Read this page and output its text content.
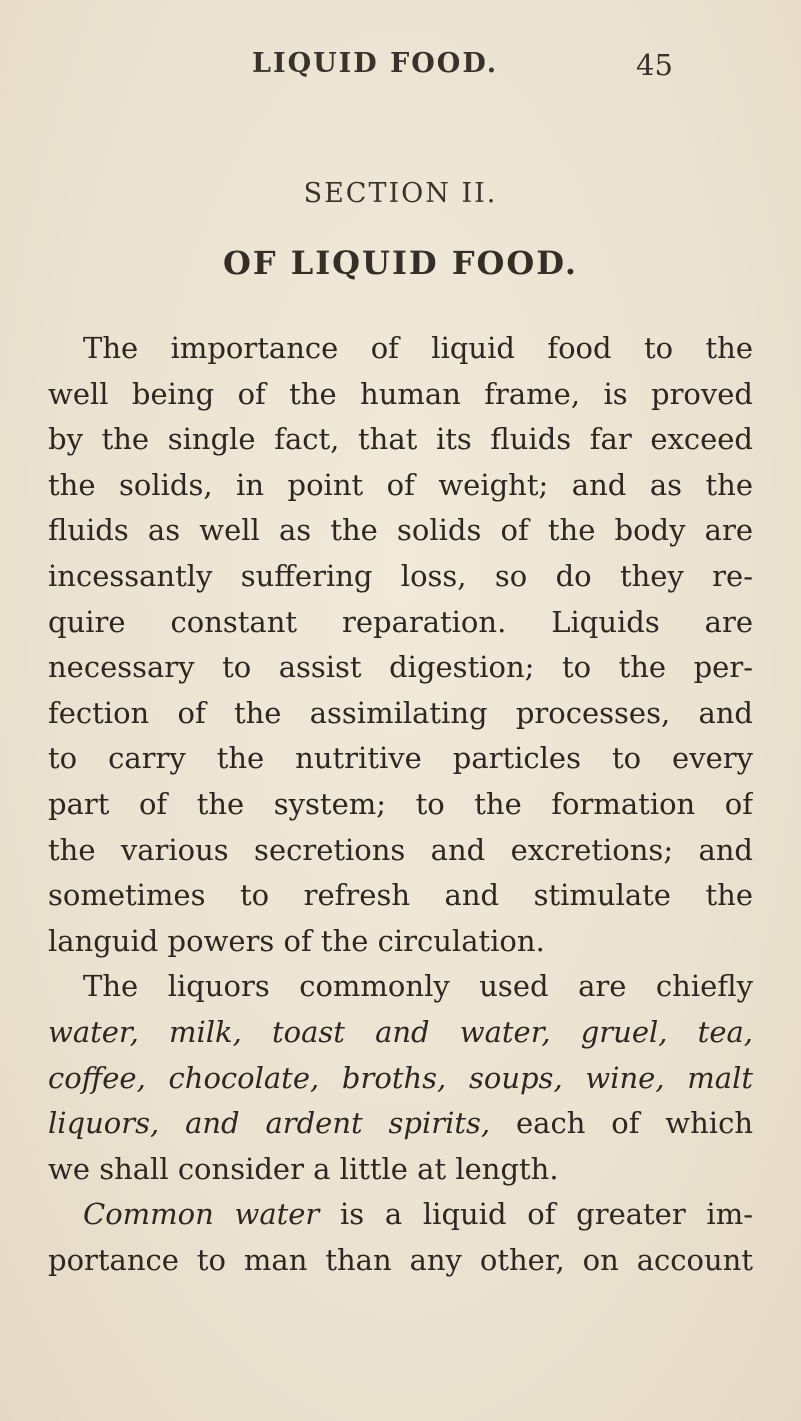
LIQUID FOOD.	45
SECTION II.
OF LIQUID FOOD.
The importance of liquid food to the
well being of the human frame, is proved
by the single fact, that its fluids far exceed
the solids, in point of weight; and as the
fluids as well as the solids of the body are
incessantly suffering loss, so do they re-
quire constant reparation. Liquids are
necessary to assist digestion; to the per-
fection of the assimilating processes, and
to carry the nutritive particles to every
part of the system; to the formation of
the various secretions and excretions; and
sometimes to refresh and stimulate the
languid powers of the circulation.
The liquors commonly used are chiefly
water, milk, toast and water, gruel, tea,
coffee, chocolate, broths, soups, wine, malt
liquors, and ardent spirits, each of which
we shall consider a little at length.
Common water is a liquid of greater im-
portance to man than any other, on account
